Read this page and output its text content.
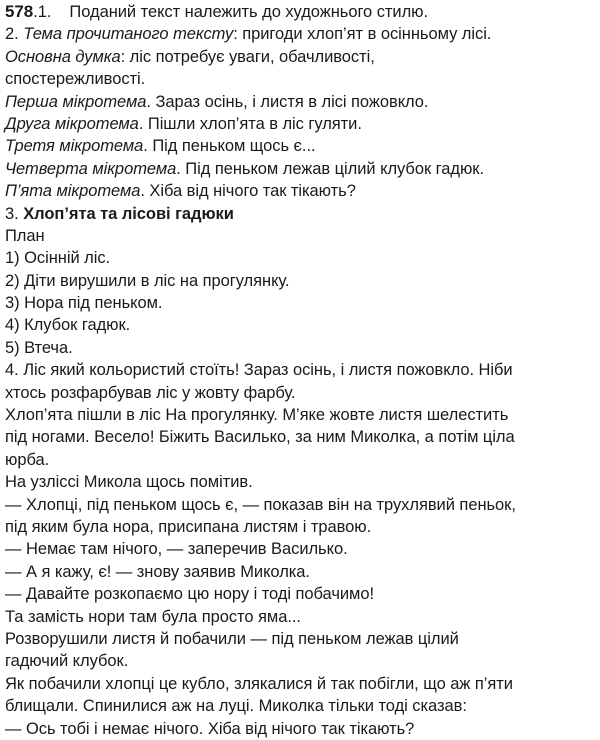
578.1. Поданий текст належить до художнього стилю.
2. Тема прочитаного тексту: пригоди хлоп’ят в осінньому лісі.
Основна думка: ліс потребує уваги, обачливості,
спостережливості.
Перша мікротема. Зараз осінь, і листя в лісі пожовкло.
Друга мікротема. Пішли хлоп’ята в ліс гуляти.
Третя мікротема. Під пеньком щось є...
Четверта мікротема. Під пеньком лежав цілий клубок гадюк.
П’ята мікротема. Хіба від нічого так тікають?
3. Хлоп’ята та лісові гадюки
План
1) Осінній ліс.
2) Діти вирушили в ліс на прогулянку.
3) Нора під пеньком.
4) Клубок гадюк.
5) Втеча.
4. Ліс який кольористий стоїть! Зараз осінь, і листя пожовкло. Ніби
хтось розфарбував ліс у жовту фарбу.
Хлоп’ята пішли в ліс На прогулянку. М’яке жовте листя шелестить
під ногами. Весело! Біжить Василько, за ним Миколка, а потім ціла
юрба.
На узліссі Микола щось помітив.
— Хлопці, під пеньком щось є, — показав він на трухлявий пеньок,
під яким була нора, присипана листям і травою.
— Немає там нічого, — заперечив Василько.
— А я кажу, є! — знову заявив Миколка.
— Давайте розкопаємо цю нору і тоді побачимо!
Та замість нори там була просто яма...
Розворушили листя й побачили — під пеньком лежав цілий
гадючий клубок.
Як побачили хлопці це кубло, злякалися й так побігли, що аж п’яти
блищали. Спинилися аж на луці. Миколка тільки тоді сказав:
— Ось тобі і немає нічого. Хіба від нічого так тікають?
